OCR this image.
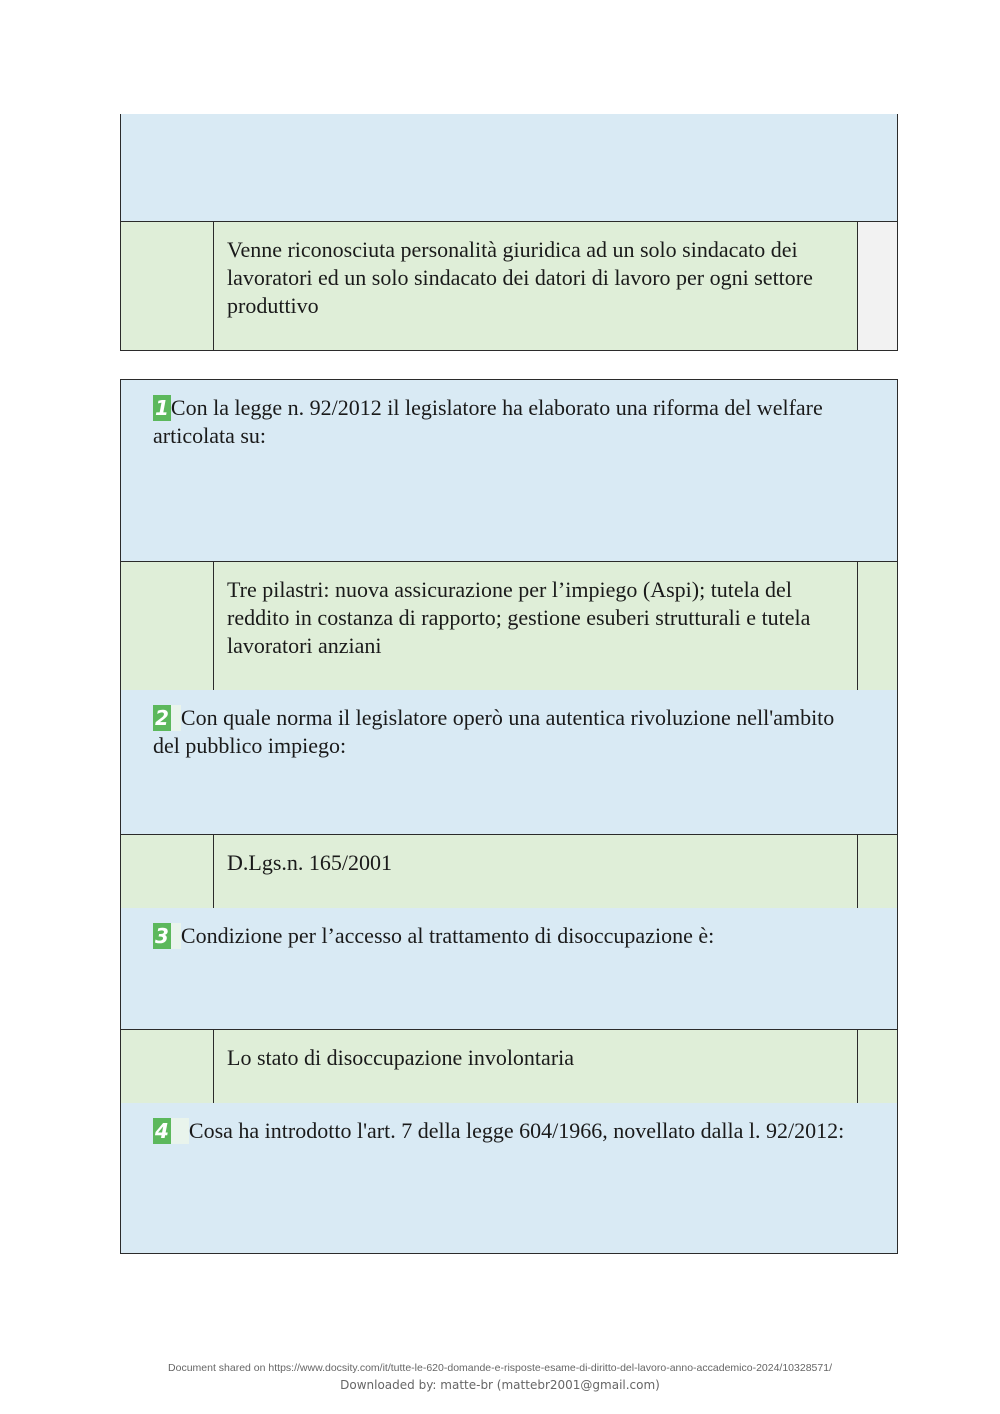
Venne riconosciuta personalità giuridica ad un solo sindacato dei lavoratori ed un solo sindacato dei datori di lavoro per ogni settore produttivo
1Con la legge n. 92/2012 il legislatore ha elaborato una riforma del welfare articolata su:
Tre pilastri: nuova assicurazione per l’impiego (Aspi); tutela del reddito in costanza di rapporto; gestione esuberi strutturali e tutela lavoratori anziani
2 Con quale norma il legislatore operò una autentica rivoluzione nell'ambito del pubblico impiego:
D.Lgs.n. 165/2001
3 Condizione per l’accesso al trattamento di disoccupazione è:
Lo stato di disoccupazione involontaria
4 Cosa ha introdotto l'art. 7 della legge 604/1966, novellato dalla l. 92/2012:
Document shared on https://www.docsity.com/it/tutte-le-620-domande-e-risposte-esame-di-diritto-del-lavoro-anno-accademico-2024/10328571/
Downloaded by: matte-br (mattebr2001@gmail.com)
